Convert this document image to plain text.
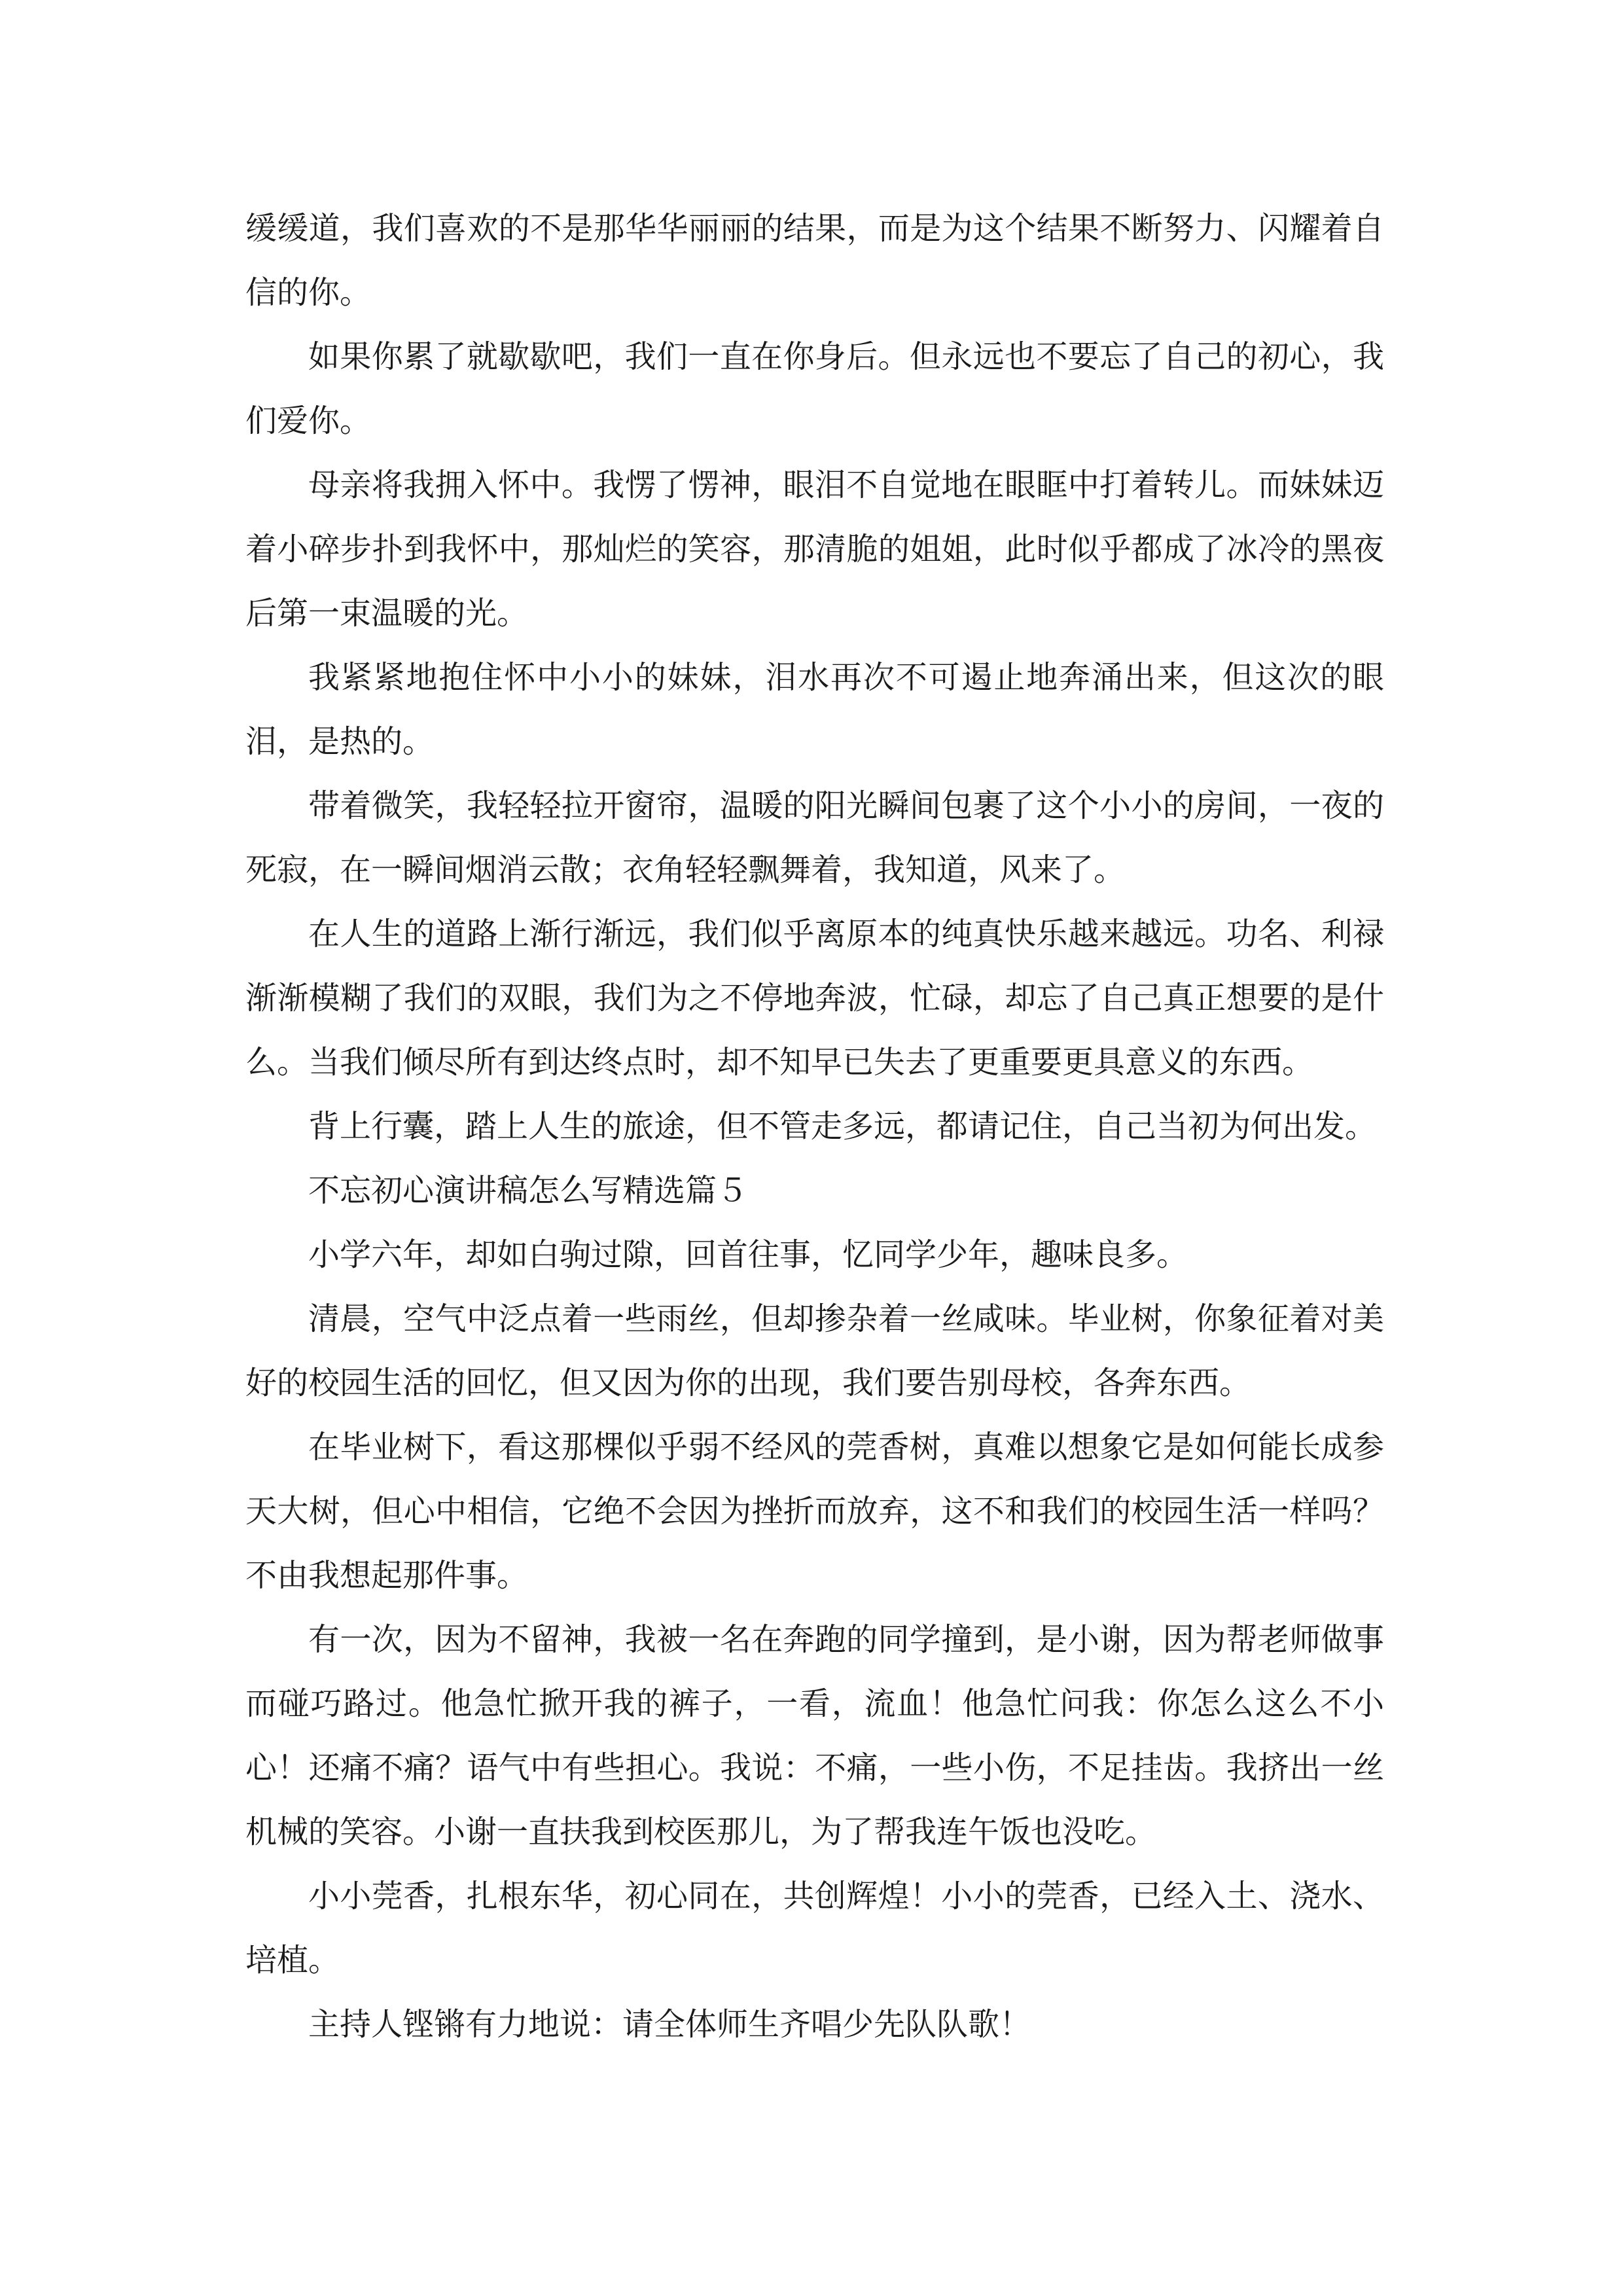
缓缓道，我们喜欢的不是那华华丽丽的结果，而是为这个结果不断努力、闪耀着自信的你。

如果你累了就歇歇吧，我们一直在你身后。但永远也不要忘了自己的初心，我们爱你。

母亲将我拥入怀中。我愣了愣神，眼泪不自觉地在眼眶中打着转儿。而妹妹迈着小碎步扑到我怀中，那灿烂的笑容，那清脆的姐姐，此时似乎都成了冰冷的黑夜后第一束温暖的光。

我紧紧地抱住怀中小小的妹妹，泪水再次不可遏止地奔涌出来，但这次的眼泪，是热的。

带着微笑，我轻轻拉开窗帘，温暖的阳光瞬间包裹了这个小小的房间，一夜的死寂，在一瞬间烟消云散；衣角轻轻飘舞着，我知道，风来了。

在人生的道路上渐行渐远，我们似乎离原本的纯真快乐越来越远。功名、利禄渐渐模糊了我们的双眼，我们为之不停地奔波，忙碌，却忘了自己真正想要的是什么。当我们倾尽所有到达终点时，却不知早已失去了更重要更具意义的东西。

背上行囊，踏上人生的旅途，但不管走多远，都请记住，自己当初为何出发。

不忘初心演讲稿怎么写精选篇５

小学六年，却如白驹过隙，回首往事，忆同学少年，趣味良多。

清晨，空气中泛点着一些雨丝，但却掺杂着一丝咸味。毕业树，你象征着对美好的校园生活的回忆，但又因为你的出现，我们要告别母校，各奔东西。

在毕业树下，看这那棵似乎弱不经风的莞香树，真难以想象它是如何能长成参天大树，但心中相信，它绝不会因为挫折而放弃，这不和我们的校园生活一样吗？不由我想起那件事。

有一次，因为不留神，我被一名在奔跑的同学撞到，是小谢，因为帮老师做事而碰巧路过。他急忙掀开我的裤子，一看，流血！他急忙问我：你怎么这么不小心！还痛不痛？语气中有些担心。我说：不痛，一些小伤，不足挂齿。我挤出一丝机械的笑容。小谢一直扶我到校医那儿，为了帮我连午饭也没吃。

小小莞香，扎根东华，初心同在，共创辉煌！小小的莞香，已经入土、浇水、培植。

主持人铿锵有力地说：请全体师生齐唱少先队队歌！
